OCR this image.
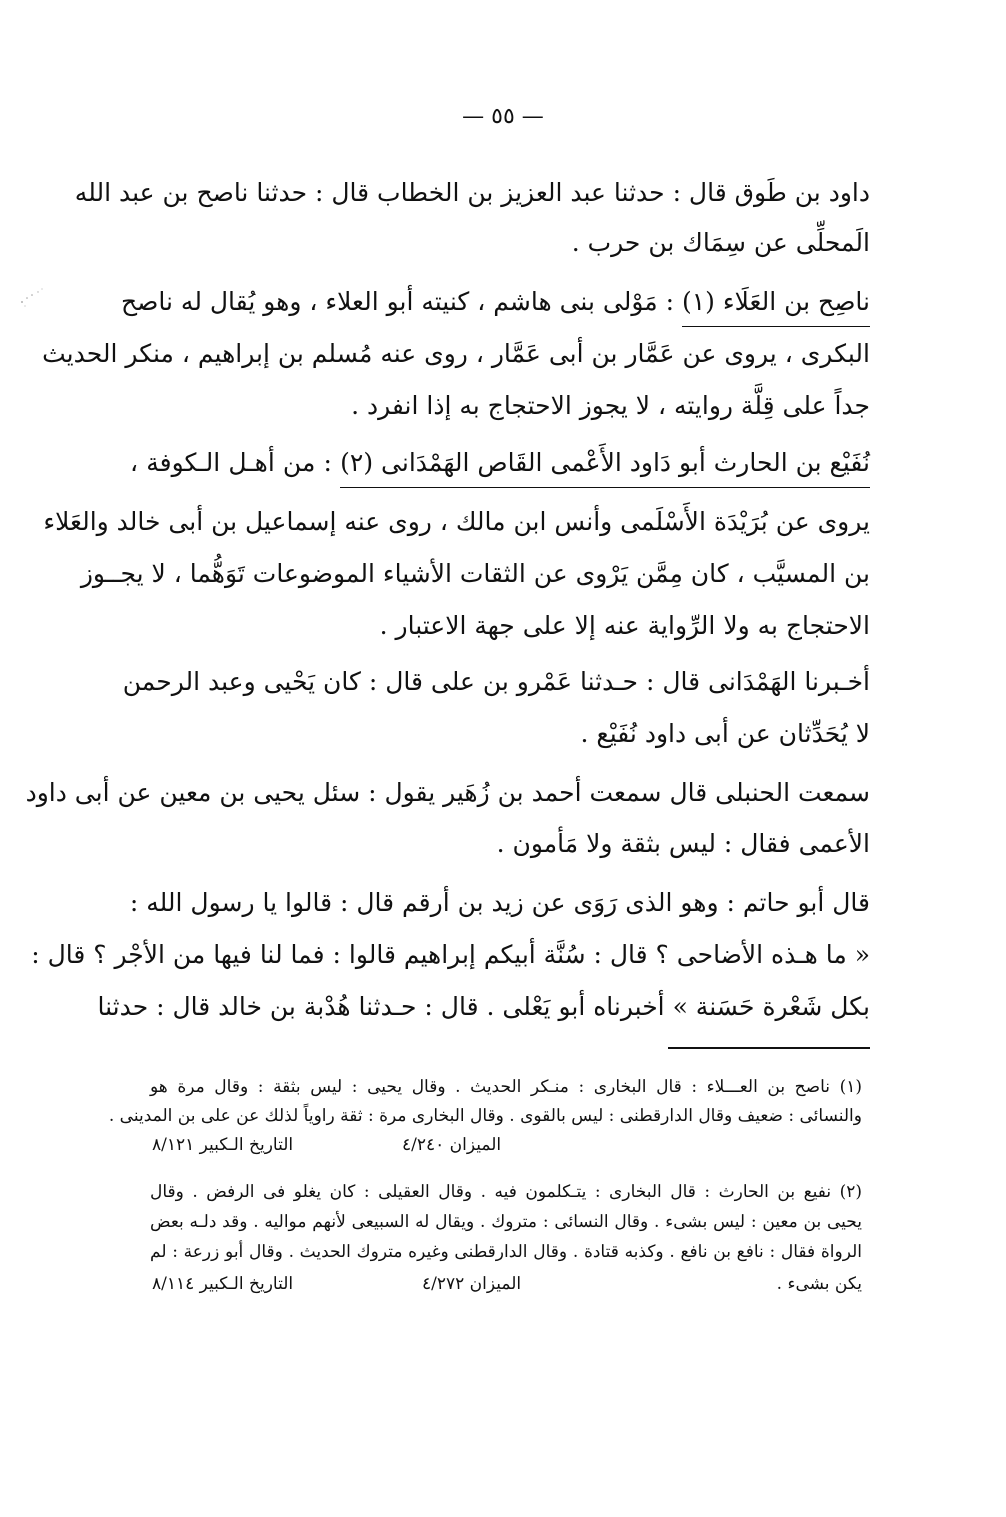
— ٥٥ —
داود بن طَوق قال : حدثنا عبد العزيز بن الخطاب قال : حدثنا ناصح بن عبد الله
الَمحلِّى عن سِمَاك بن حرب .
ناصِح بن العَلَاء (١) : مَوْلى بنى هاشم ، كنيته أبو العلاء ، وهو يُقال له ناصح
البكرى ، يروى عن عَمَّار بن أبى عَمَّار ، روى عنه مُسلم بن إبراهيم ، منكر الحديث
جداً على قِلَّة روايته ، لا يجوز الاحتجاج به إذا انفرد .
نُفَيْع بن الحارث أبو دَاود الأَعْمى القَاص الهَمْدَانى (٢) : من أهـل الـكوفة ،
يروى عن بُرَيْدَة الأَسْلَمى وأنس ابن مالك ، روى عنه إسماعيل بن أبى خالد والعَلاء
بن المسيَّب ، كان مِمَّن يَرْوى عن الثقات الأشياء الموضوعات تَوَهُّما ، لا يجــوز
الاحتجاج به ولا الرِّواية عنه إلا على جهة الاعتبار .
أخـبرنا الهَمْدَانى قال : حـدثنا عَمْرو بن على قال : كان يَحْيى وعبد الرحمن
لا يُحَدِّثان عن أبى داود نُفَيْع .
سمعت الحنبلى قال سمعت أحمد بن زُهَير يقول : سئل يحيى بن معين عن أبى داود
الأعمى فقال : ليس بثقة ولا مَأمون .
قال أبو حاتم : وهو الذى رَوَى عن زيد بن أرقم قال : قالوا يا رسول الله :
« ما هـذه الأضاحى ؟ قال : سُنَّة أبيكم إبراهيم قالوا : فما لنا فيها من الأجْر ؟ قال :
بكل شَعْرة حَسَنة » أخبرناه أبو يَعْلى . قال : حـدثنا هُدْبة بن خالد قال : حدثنا
(١) ناصح بن العـــلاء : قال البخارى : منـكر الحديث . وقال يحيى : ليس بثقة : وقال مرة هو
والنسائى : ضعيف وقال الدارقطنى : ليس بالقوى . وقال البخارى مرة : ثقة راوياً لذلك عن على بن المدينى .
الميزان ٤/٢٤٠
التاريخ الـكبير ٨/١٢١
(٢) نفيع بن الحارث : قال البخارى : يتـكلمون فيه . وقال العقيلى : كان يغلو فى الرفض . وقال
يحيى بن معين : ليس بشىء . وقال النسائى : متروك . ويقال له السبيعى لأنهم مواليه . وقد دلـه بعض
الرواة فقال : نافع بن نافع . وكذبه قتادة . وقال الدارقطنى وغيره متروك الحديث . وقال أبو زرعة : لم
يكن بشىء .
الميزان ٤/٢٧٢
التاريخ الـكبير ٨/١١٤
